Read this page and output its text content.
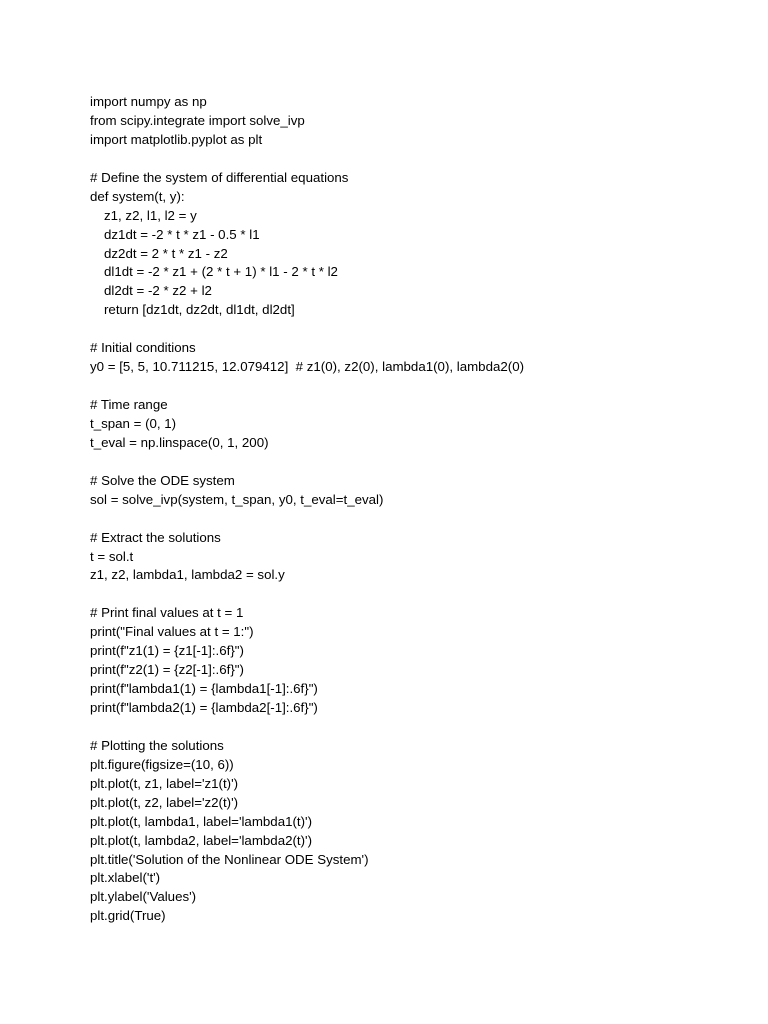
import numpy as np
from scipy.integrate import solve_ivp
import matplotlib.pyplot as plt
# Define the system of differential equations
def system(t, y):
z1, z2, l1, l2 = y
dz1dt = -2 * t * z1 - 0.5 * l1
dz2dt = 2 * t * z1 - z2
dl1dt = -2 * z1 + (2 * t + 1) * l1 - 2 * t * l2
dl2dt = -2 * z2 + l2
return [dz1dt, dz2dt, dl1dt, dl2dt]
# Initial conditions
y0 = [5, 5, 10.711215, 12.079412]  # z1(0), z2(0), lambda1(0), lambda2(0)
# Time range
t_span = (0, 1)
t_eval = np.linspace(0, 1, 200)
# Solve the ODE system
sol = solve_ivp(system, t_span, y0, t_eval=t_eval)
# Extract the solutions
t = sol.t
z1, z2, lambda1, lambda2 = sol.y
# Print final values at t = 1
print("Final values at t = 1:")
print(f"z1(1) = {z1[-1]:.6f}")
print(f"z2(1) = {z2[-1]:.6f}")
print(f"lambda1(1) = {lambda1[-1]:.6f}")
print(f"lambda2(1) = {lambda2[-1]:.6f}")
# Plotting the solutions
plt.figure(figsize=(10, 6))
plt.plot(t, z1, label='z1(t)')
plt.plot(t, z2, label='z2(t)')
plt.plot(t, lambda1, label='lambda1(t)')
plt.plot(t, lambda2, label='lambda2(t)')
plt.title('Solution of the Nonlinear ODE System')
plt.xlabel('t')
plt.ylabel('Values')
plt.grid(True)
